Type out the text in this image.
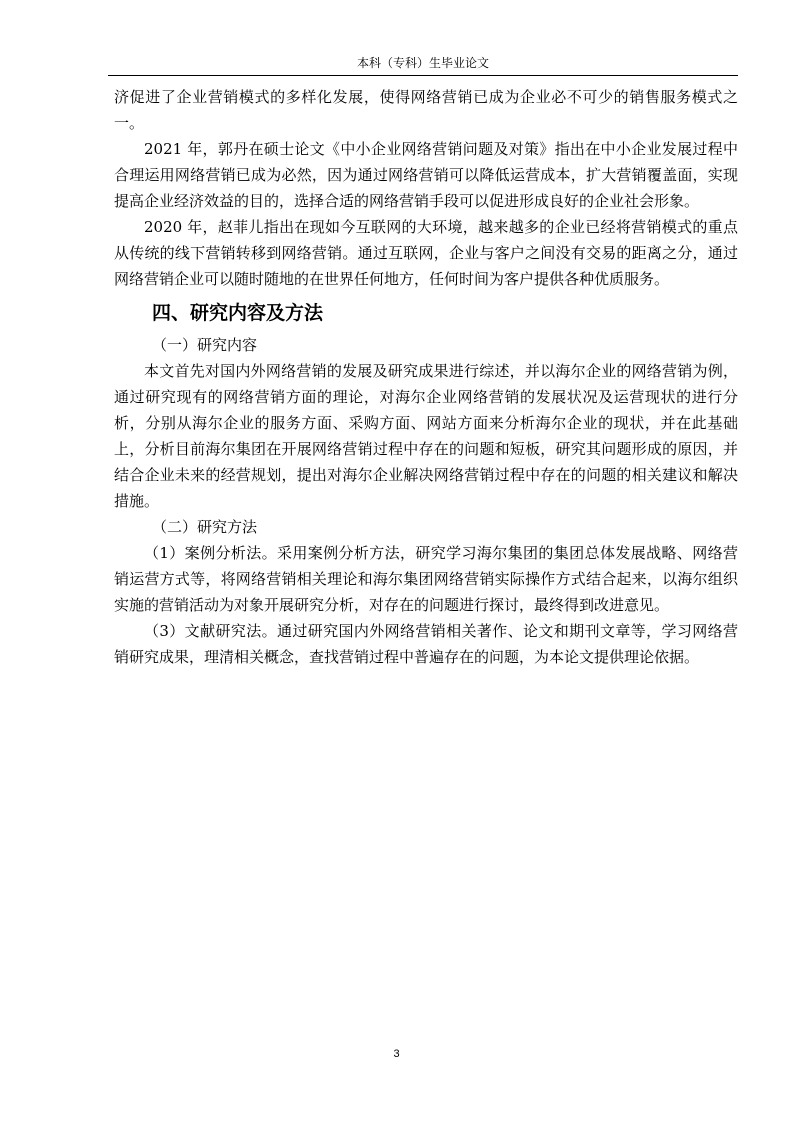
本科（专科）生毕业论文

济促进了企业营销模式的多样化发展，使得网络营销已成为企业必不可少的销售服务模式之一。

2021 年，郭丹在硕士论文《中小企业网络营销问题及对策》指出在中小企业发展过程中合理运用网络营销已成为必然，因为通过网络营销可以降低运营成本，扩大营销覆盖面，实现提高企业经济效益的目的，选择合适的网络营销手段可以促进形成良好的企业社会形象。

2020 年，赵菲儿指出在现如今互联网的大环境，越来越多的企业已经将营销模式的重点从传统的线下营销转移到网络营销。通过互联网，企业与客户之间没有交易的距离之分，通过网络营销企业可以随时随地的在世界任何地方，任何时间为客户提供各种优质服务。

四、研究内容及方法

（一）研究内容

本文首先对国内外网络营销的发展及研究成果进行综述，并以海尔企业的网络营销为例，通过研究现有的网络营销方面的理论，对海尔企业网络营销的发展状况及运营现状的进行分析，分别从海尔企业的服务方面、采购方面、网站方面来分析海尔企业的现状，并在此基础上，分析目前海尔集团在开展网络营销过程中存在的问题和短板，研究其问题形成的原因，并结合企业未来的经营规划，提出对海尔企业解决网络营销过程中存在的问题的相关建议和解决措施。

（二）研究方法

（1）案例分析法。采用案例分析方法，研究学习海尔集团的集团总体发展战略、网络营销运营方式等，将网络营销相关理论和海尔集团网络营销实际操作方式结合起来，以海尔组织实施的营销活动为对象开展研究分析，对存在的问题进行探讨，最终得到改进意见。

（3）文献研究法。通过研究国内外网络营销相关著作、论文和期刊文章等，学习网络营销研究成果，理清相关概念，查找营销过程中普遍存在的问题，为本论文提供理论依据。

3
